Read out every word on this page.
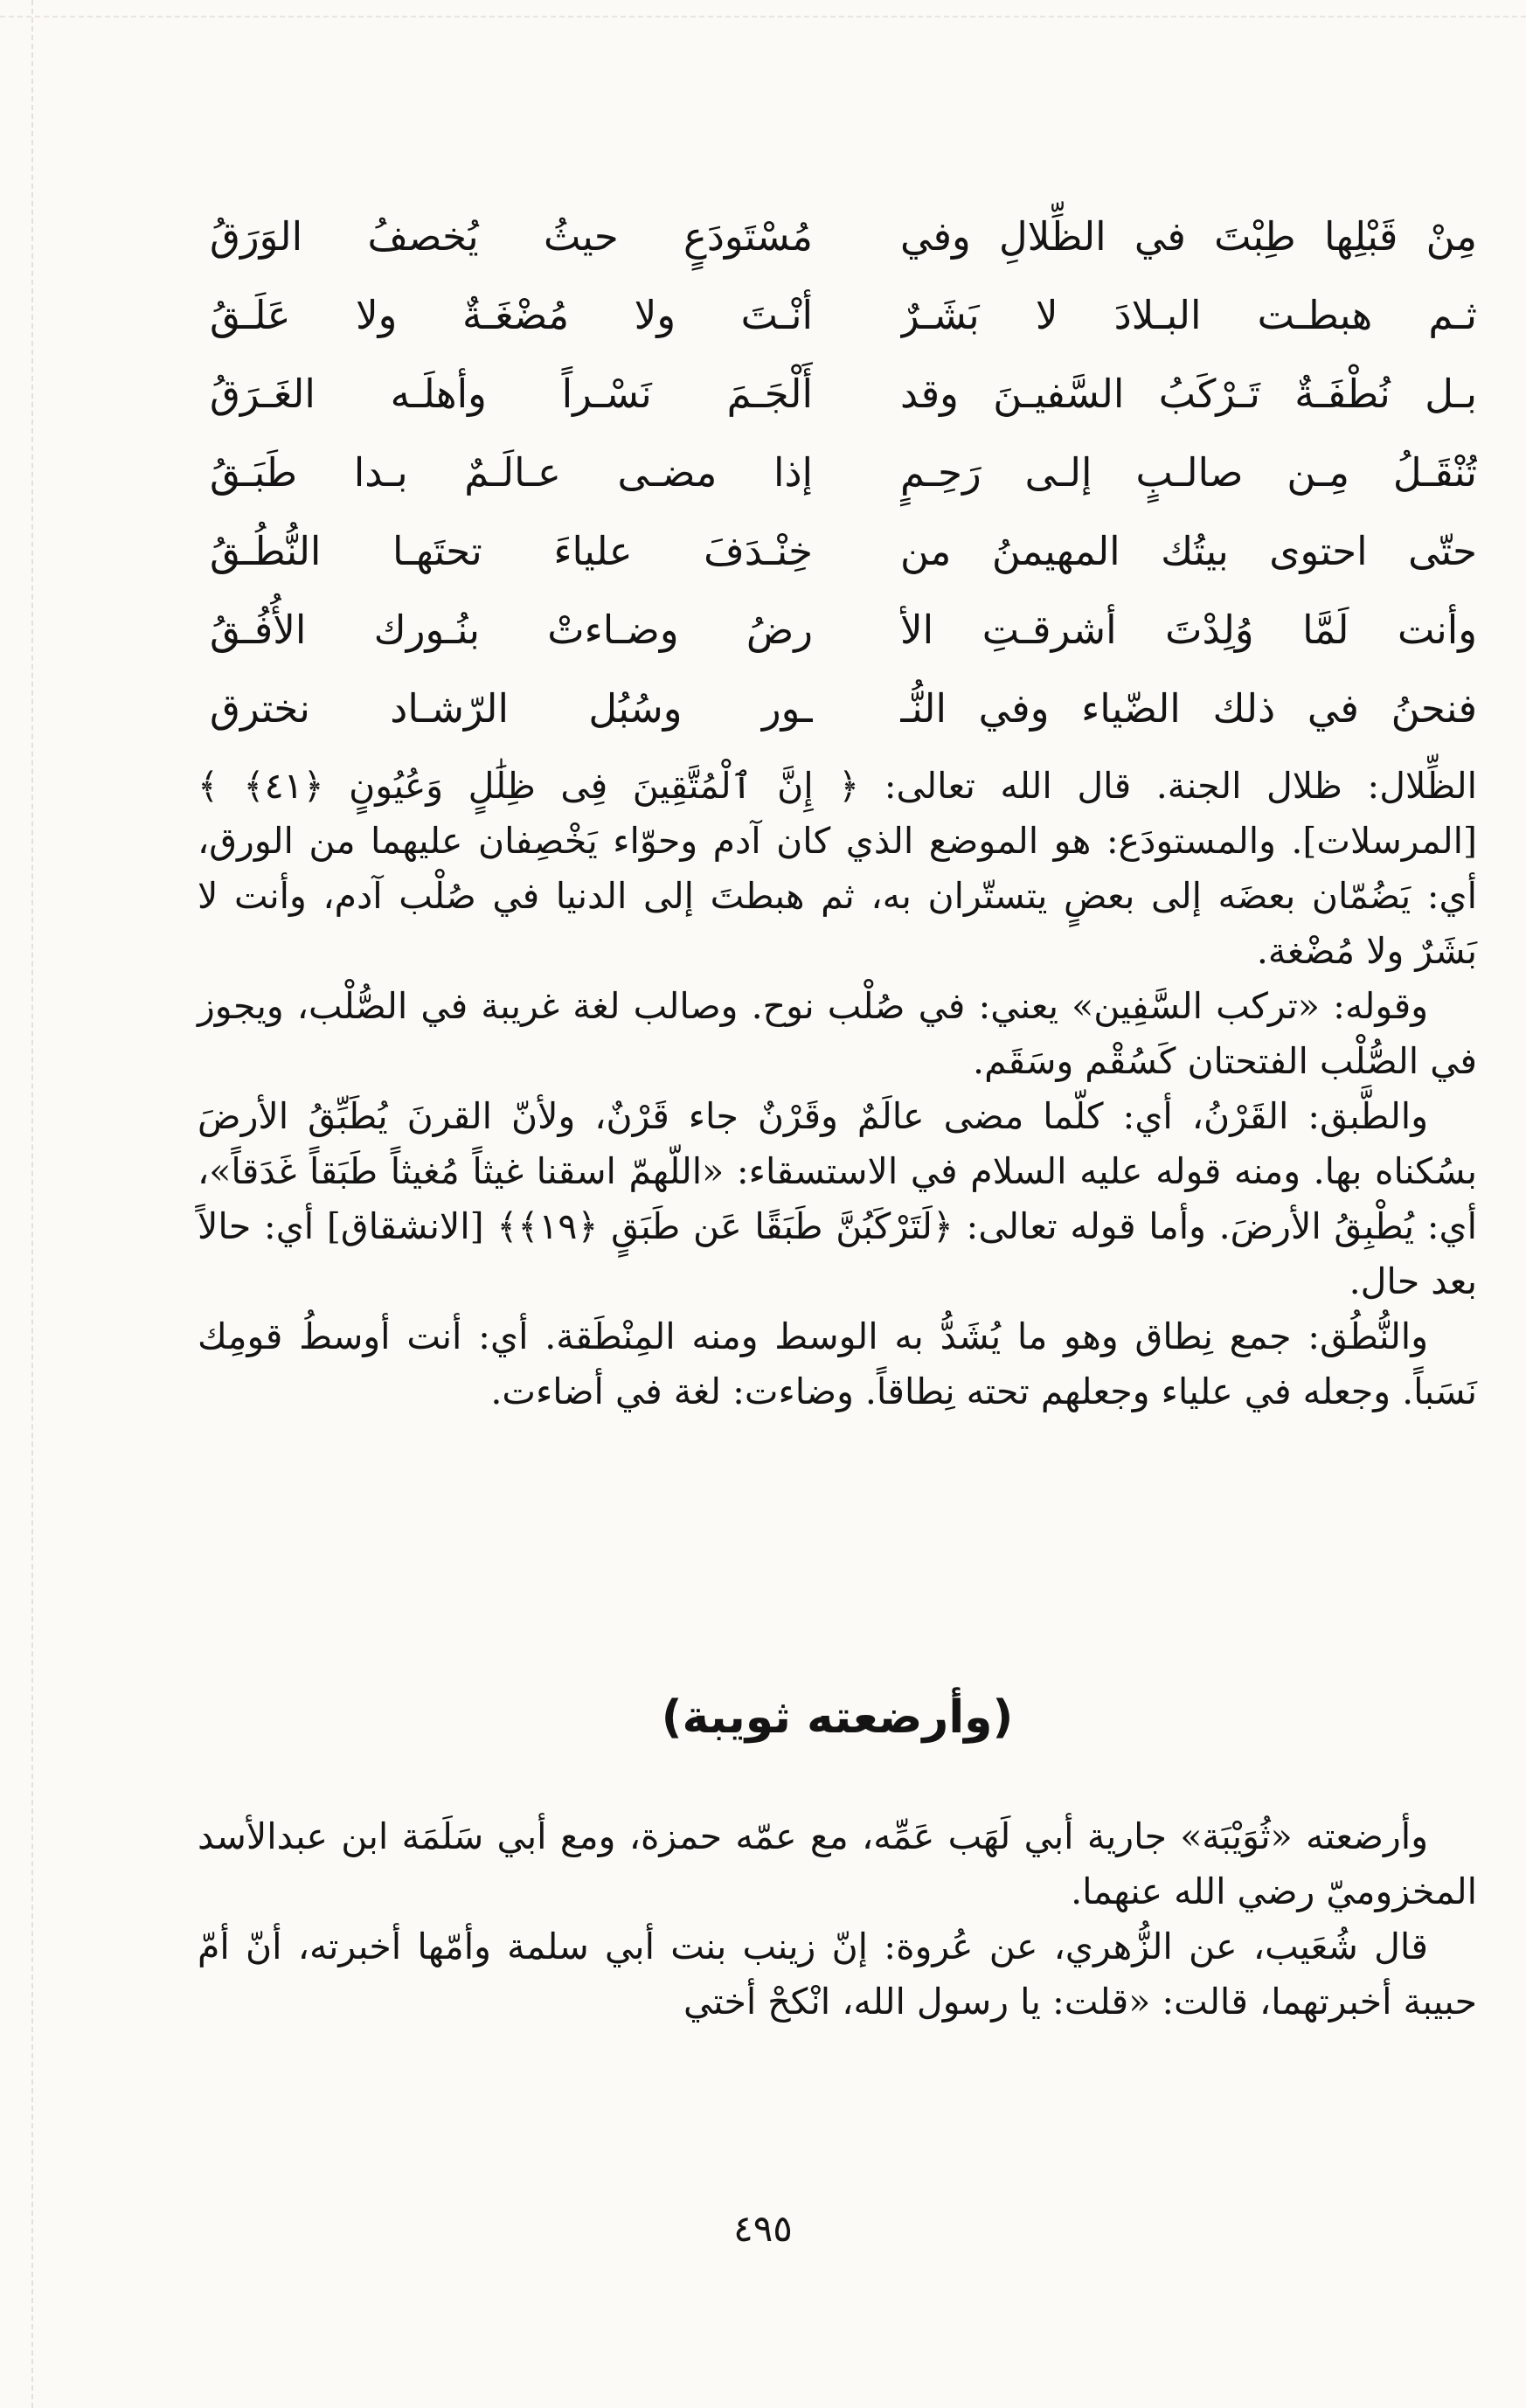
مِنْ قَبْلِها طِبْتَ في الظِّلالِ وفي
مُسْتَودَعٍ حيثُ يُخصفُ الوَرَقُ
ثـم هبطـت البـلادَ لا بَشَـرٌ
أنْـتَ ولا مُضْغَـةٌ ولا عَلَـقُ
بـل نُطْفَـةٌ تَـرْكَبُ السَّفيـنَ وقد
أَلْجَـمَ نَسْـراً وأهلَـه الغَـرَقُ
تُنْقَـلُ مِـن صالـبٍ إلـى رَحِـمٍ
إذا مضـى عـالَـمٌ بـدا طَبَـقُ
حتّى احتوى بيتُك المهيمنُ من
خِنْـدَفَ علياءَ تحتَهـا النُّطُـقُ
وأنت لَمَّا وُلِدْتَ أشرقـتِ الأ
رضُ وضـاءتْ بنُـورك الأُفُـقُ
فنحنُ في ذلك الضّياء وفي النُّـ
ـور وسُبُل الرّشـاد نخترق

الظِّلال: ظلال الجنة. قال الله تعالى: ﴿ إِنَّ ٱلْمُتَّقِينَ فِى ظِلَٰلٍ وَعُيُونٍ ﴿٤١﴾ ﴾ [المرسلات]. والمستودَع: هو الموضع الذي كان آدم وحوّاء يَخْصِفان عليهما من الورق، أي: يَضُمّان بعضَه إلى بعضٍ يتستّران به، ثم هبطتَ إلى الدنيا في صُلْب آدم، وأنت لا بَشَرٌ ولا مُضْغة.

وقوله: «تركب السَّفِين» يعني: في صُلْب نوح. وصالب لغة غريبة في الصُّلْب، ويجوز في الصُّلْب الفتحتان كَسُقْم وسَقَم.

والطَّبق: القَرْنُ، أي: كلّما مضى عالَمٌ وقَرْنٌ جاء قَرْنٌ، ولأنّ القرنَ يُطَبِّقُ الأرضَ بسُكناه بها. ومنه قوله عليه السلام في الاستسقاء: «اللّهمّ اسقنا غيثاً مُغيثاً طَبَقاً غَدَقاً»، أي: يُطْبِقُ الأرضَ. وأما قوله تعالى: ﴿لَتَرْكَبُنَّ طَبَقًا عَن طَبَقٍ ﴿١٩﴾﴾ [الانشقاق] أي: حالاً بعد حال.

والنُّطُق: جمع نِطاق وهو ما يُشَدُّ به الوسط ومنه المِنْطَقة. أي: أنت أوسطُ قومِك نَسَباً. وجعله في علياء وجعلهم تحته نِطاقاً. وضاءت: لغة في أضاءت.

(وأرضعته ثويبة)

وأرضعته «ثُوَيْبَة» جارية أبي لَهَب عَمِّه، مع عمّه حمزة، ومع أبي سَلَمَة ابن عبدالأسد المخزوميّ رضي الله عنهما.

قال شُعَيب، عن الزُّهري، عن عُروة: إنّ زينب بنت أبي سلمة وأمّها أخبرته، أنّ أمّ حبيبة أخبرتهما، قالت: «قلت: يا رسول الله، انْكحْ أختي

٤٩٥
